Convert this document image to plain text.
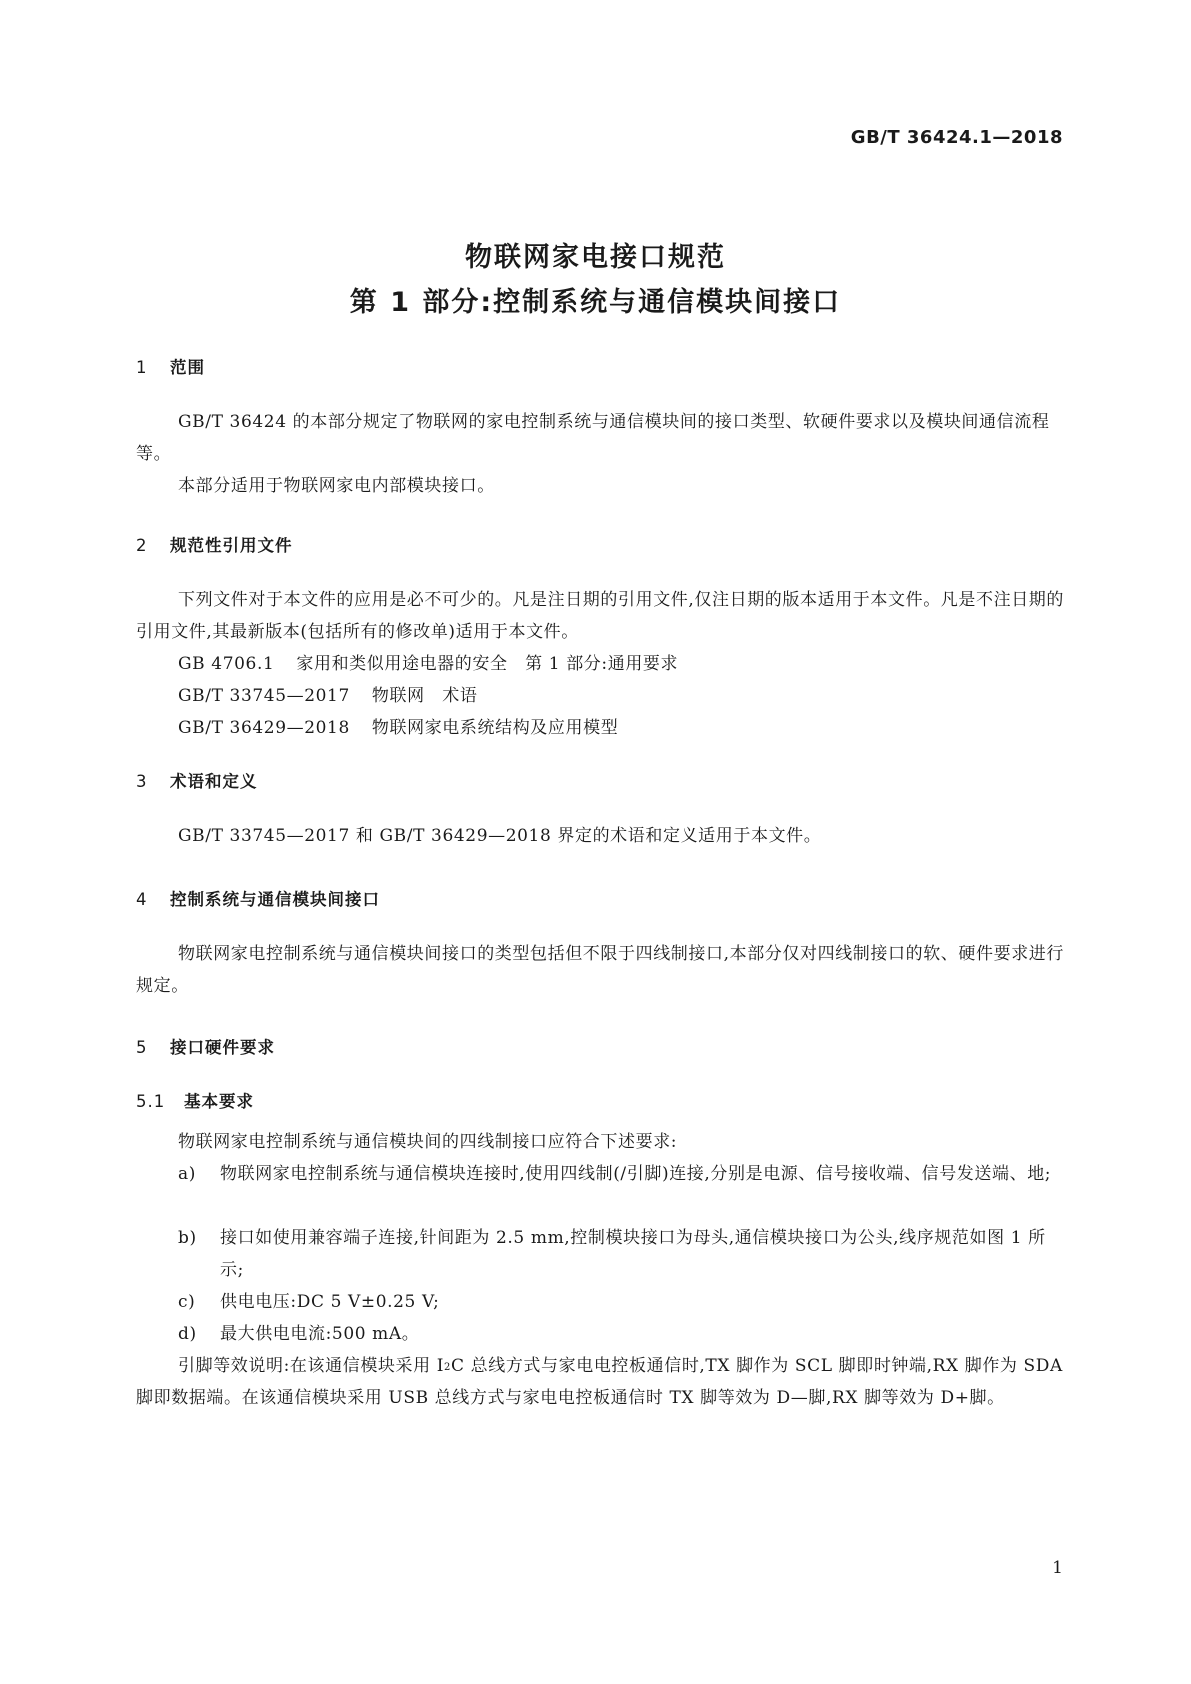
GB/T 36424.1—2018
物联网家电接口规范
第 1 部分:控制系统与通信模块间接口
1 范围
GB/T 36424 的本部分规定了物联网的家电控制系统与通信模块间的接口类型、软硬件要求以及模块间通信流程等。
本部分适用于物联网家电内部模块接口。
2 规范性引用文件
下列文件对于本文件的应用是必不可少的。凡是注日期的引用文件,仅注日期的版本适用于本文件。凡是不注日期的引用文件,其最新版本(包括所有的修改单)适用于本文件。
GB 4706.1 家用和类似用途电器的安全　第 1 部分:通用要求
GB/T 33745—2017 物联网　术语
GB/T 36429—2018 物联网家电系统结构及应用模型
3 术语和定义
GB/T 33745—2017 和 GB/T 36429—2018 界定的术语和定义适用于本文件。
4 控制系统与通信模块间接口
物联网家电控制系统与通信模块间接口的类型包括但不限于四线制接口,本部分仅对四线制接口的软、硬件要求进行规定。
5 接口硬件要求
5.1 基本要求
物联网家电控制系统与通信模块间的四线制接口应符合下述要求:
a)	物联网家电控制系统与通信模块连接时,使用四线制(/引脚)连接,分别是电源、信号接收端、信号发送端、地;
b)	接口如使用兼容端子连接,针间距为 2.5 mm,控制模块接口为母头,通信模块接口为公头,线序规范如图 1 所示;
c)	供电电压:DC 5 V±0.25 V;
d)	最大供电电流:500 mA。
引脚等效说明:在该通信模块采用 $I^2C$ 总线方式与家电电控板通信时,TX 脚作为 SCL 脚即时钟端,RX 脚作为 SDA 脚即数据端。在该通信模块采用 USB 总线方式与家电电控板通信时 TX 脚等效为 D—脚,RX 脚等效为 D+脚。
1
